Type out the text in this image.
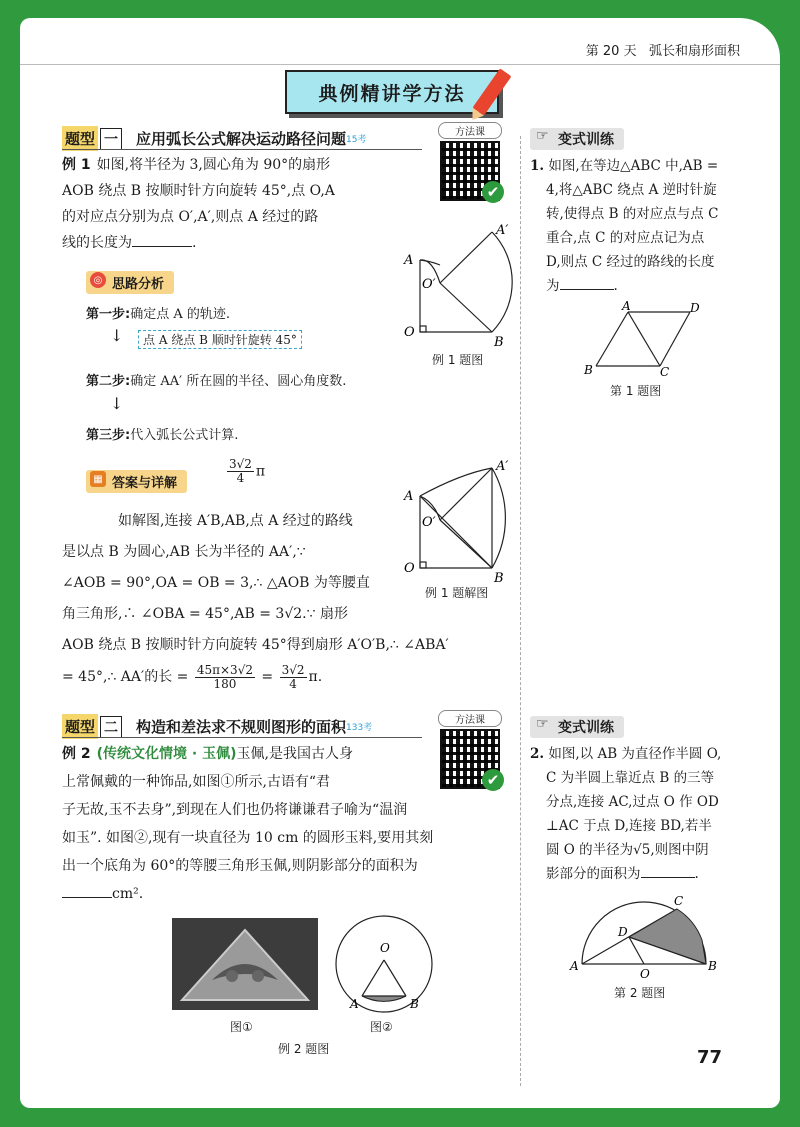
第 20 天 弧长和扇形面积
典例精讲学方法
题型 一 应用弧长公式解决运动路径问题 15考
方法课
✔
例 1 如图,将半径为 3,圆心角为 90°的扇形
AOB 绕点 B 按顺时针方向旋转 45°,点 O,A
的对应点分别为点 O′,A′,则点 A 经过的路
线的长度为	.
A
A′
O′
O
B
例 1 题图
◎ 思路分析
第一步:确定点 A 的轨迹.
↓	点 A 绕点 B 顺时针旋转 45°
第二步:确定 AA′ 所在圆的半径、圆心角度数.
↓
第三步:代入弧长公式计算.
▦ 答案与详解	$\frac{3√2}{4}$ π
如解图,连接 A′B,AB,点 A 经过的路线
是以点 B 为圆心,AB 长为半径的 AA′,∵
∠AOB = 90°,OA = OB = 3,∴ △AOB 为等腰直
角三角形,∴ ∠OBA = 45°,AB = 3√2.∵ 扇形
AOB 绕点 B 按顺时针方向旋转 45°得到扇形 A′O′B,∴ ∠ABA′
= 45°,∴ AA′的长 = $\frac{45\pi\times 3√2}{180} = \frac{3√2}{4} \pi$.
A
A′
O′
O
B
例 1 题解图
题型 二 构造和差法求不规则图形的面积 133考
方法课
✔
例 2 (传统文化情境 · 玉佩)玉佩,是我国古人身
上常佩戴的一种饰品,如图①所示,古语有“君
子无故,玉不去身”,到现在人们也仍将谦谦君子喻为“温润
如玉”. 如图②,现有一块直径为 10 cm 的圆形玉料,要用其刻
出一个底角为 60°的等腰三角形玉佩,则阴影部分的面积为
cm².
O
A	B
图①	图②
例 2 题图
☞ 变式训练
1. 如图,在等边△ABC 中,AB =
4,将△ABC 绕点 A 逆时针旋
转,使得点 B 的对应点与点 C
重合,点 C 的对应点记为点
D,则点 C 经过的路线的长度
为	.
A	D
B	C
第 1 题图
☞ 变式训练
2. 如图,以 AB 为直径作半圆 O,
C 为半圆上靠近点 B 的三等
分点,连接 AC,过点 O 作 OD
⊥AC 于点 D,连接 BD,若半
圆 O 的半径为√5,则图中阴
影部分的面积为	.
C
D
A
O
B
第 2 题图
77
